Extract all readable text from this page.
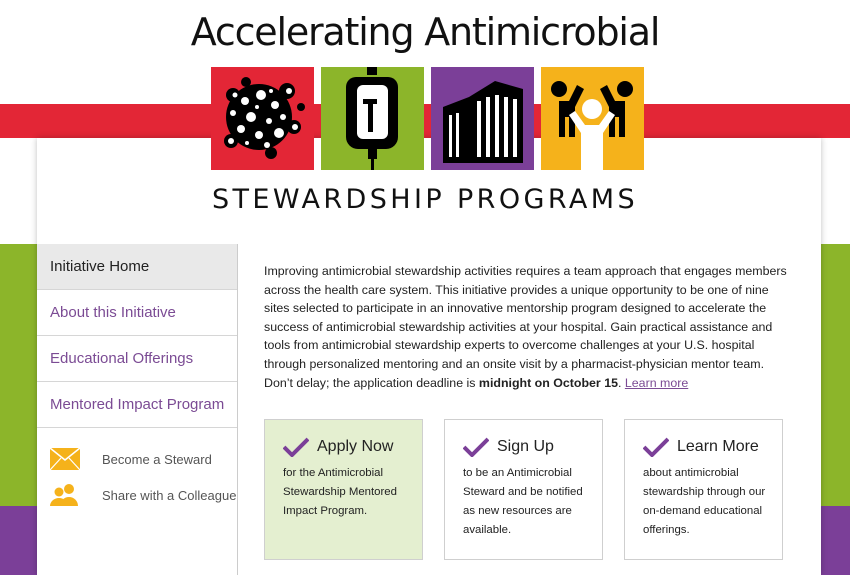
Accelerating Antimicrobial
STEWARDSHIP PROGRAMS
Initiative Home
About this Initiative
Educational Offerings
Mentored Impact Program
Become a Steward
Share with a Colleague
Improving antimicrobial stewardship activities requires a team approach that engages members across the health care system. This initiative provides a unique opportunity to be one of nine sites selected to participate in an innovative mentorship program designed to accelerate the success of antimicrobial stewardship activities at your hospital. Gain practical assistance and tools from antimicrobial stewardship experts to overcome challenges at your U.S. hospital through personalized mentoring and an onsite visit by a pharmacist-physician mentor team. Don’t delay; the application deadline is midnight on October 15. Learn more
Apply Now
for the Antimicrobial Stewardship Mentored Impact Program.
Sign Up
to be an Antimicrobial Steward and be notified as new resources are available.
Learn More
about antimicrobial stewardship through our on-demand educational offerings.
